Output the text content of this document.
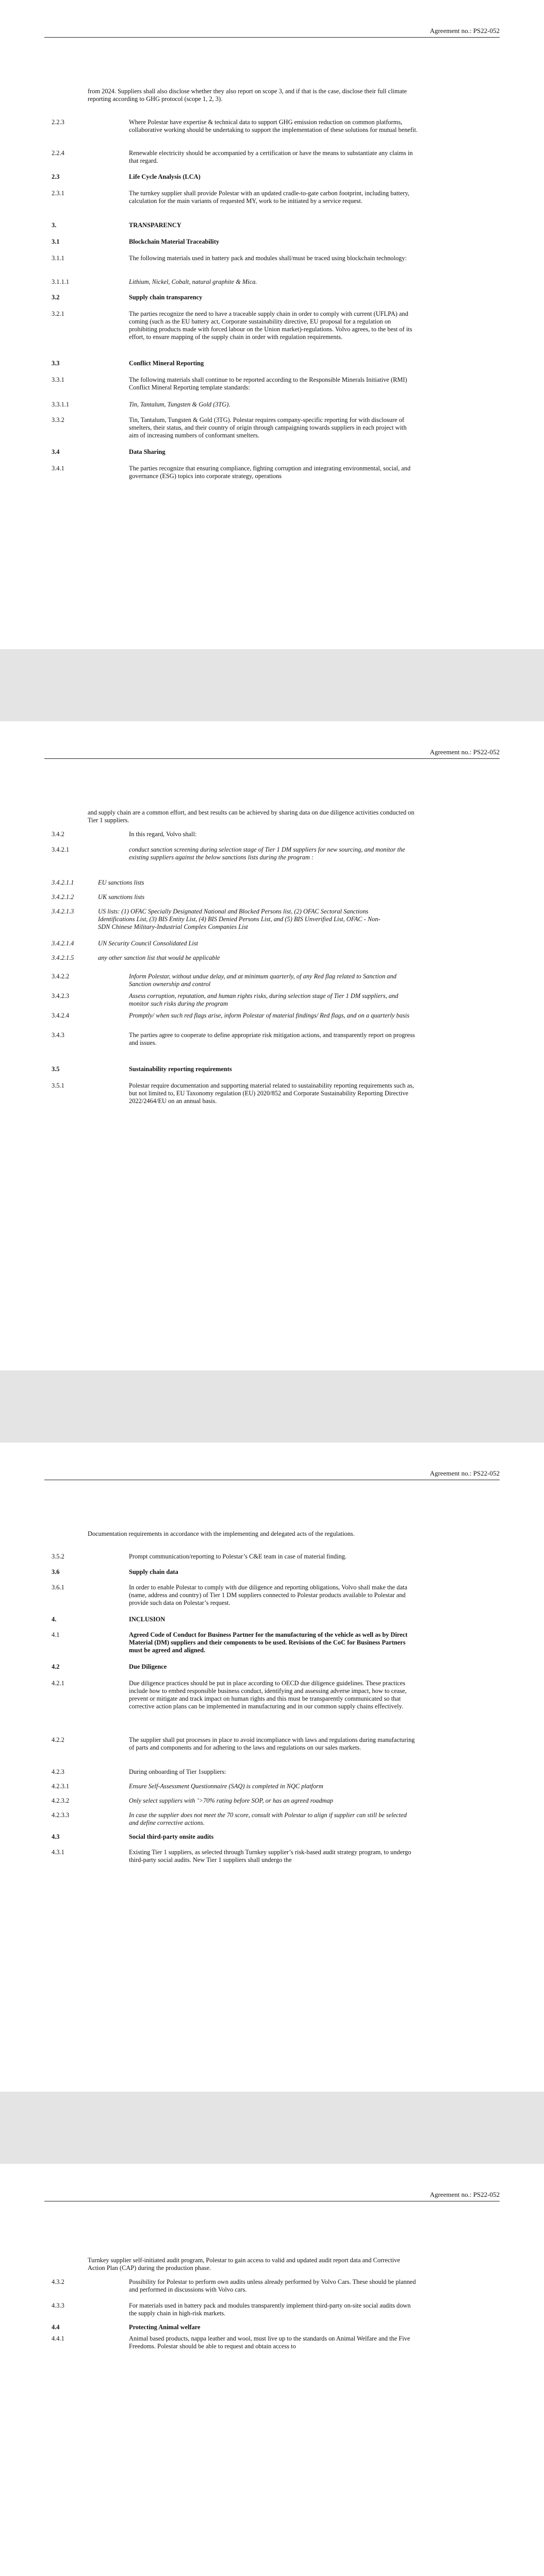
Agreement no.: PS22-052
from 2024. Suppliers shall also disclose whether they also report on scope 3, and if that is the case, disclose their full climate reporting according to GHG protocol (scope 1, 2, 3).
2.2.3	Where Polestar have expertise & technical data to support GHG emission reduction on common platforms, collaborative working should be undertaking to support the implementation of these solutions for mutual benefit.
2.2.4	Renewable electricity should be accompanied by a certification or have the means to substantiate any claims in that regard.
2.3	Life Cycle Analysis (LCA)
2.3.1	The turnkey supplier shall provide Polestar with an updated cradle-to-gate carbon footprint, including battery, calculation for the main variants of requested MY, work to be initiated by a service request.
3.	TRANSPARENCY
3.1	Blockchain Material Traceability
3.1.1	The following materials used in battery pack and modules shall/must be traced using blockchain technology:
3.1.1.1	Lithium, Nickel, Cobalt, natural graphite & Mica.
3.2	Supply chain transparency
3.2.1	The parties recognize the need to have a traceable supply chain in order to comply with current (UFLPA) and coming (such as the EU battery act, Corporate sustainability directive, EU proposal for a regulation on prohibiting products made with forced labour on the Union market)-regulations. Volvo agrees, to the best of its effort, to ensure mapping of the supply chain in order with regulation requirements.
3.3	Conflict Mineral Reporting
3.3.1	The following materials shall continue to be reported according to the Responsible Minerals Initiative (RMI) Conflict Mineral Reporting template standards:
3.3.1.1	Tin, Tantalum, Tungsten & Gold (3TG).
3.3.2	Tin, Tantalum, Tungsten & Gold (3TG). Polestar requires company-specific reporting for with disclosure of smelters, their status, and their country of origin through campaigning towards suppliers in each project with aim of increasing numbers of conformant smelters.
3.4	Data Sharing
3.4.1	The parties recognize that ensuring compliance, fighting corruption and integrating environmental, social, and governance (ESG) topics into corporate strategy, operations
Agreement no.: PS22-052
and supply chain are a common effort, and best results can be achieved by sharing data on due diligence activities conducted on Tier 1 suppliers.
3.4.2	In this regard, Volvo shall:
3.4.2.1	conduct sanction screening during selection stage of Tier 1 DM suppliers for new sourcing, and monitor the existing suppliers against the below sanctions lists during the program :
3.4.2.1.1	EU sanctions lists
3.4.2.1.2	UK sanctions lists
3.4.2.1.3	US lists: (1) OFAC Specially Designated National and Blocked Persons list, (2) OFAC Sectoral Sanctions Identifications List, (3) BIS Entity List, (4) BIS Denied Persons List, and (5) BIS Unverified List, OFAC - Non-SDN Chinese Military-Industrial Complex Companies List
3.4.2.1.4	UN Security Council Consolidated List
3.4.2.1.5	any other sanction list that would be applicable
3.4.2.2	Inform Polestar, without undue delay, and at minimum quarterly, of any Red flag related to Sanction and Sanction ownership and control
3.4.2.3	Assess corruption, reputation, and human rights risks, during selection stage of Tier 1 DM suppliers, and monitor such risks during the program
3.4.2.4	Promptly/ when such red flags arise, inform Polestar of material findings/ Red flags, and on a quarterly basis
3.4.3	The parties agree to cooperate to define appropriate risk mitigation actions, and transparently report on progress and issues.
3.5	Sustainability reporting requirements
3.5.1	Polestar require documentation and supporting material related to sustainability reporting requirements such as, but not limited to, EU Taxonomy regulation (EU) 2020/852 and Corporate Sustainability Reporting Directive 2022/2464/EU on an annual basis.
Agreement no.: PS22-052
Documentation requirements in accordance with the implementing and delegated acts of the regulations.
3.5.2	Prompt communication/reporting to Polestar’s C&E team in case of material finding.
3.6	Supply chain data
3.6.1	In order to enable Polestar to comply with due diligence and reporting obligations, Volvo shall make the data (name, address and country) of Tier 1 DM suppliers connected to Polestar products available to Polestar and provide such data on Polestar’s request.
4.	INCLUSION
4.1	Agreed Code of Conduct for Business Partner for the manufacturing of the vehicle as well as by Direct Material (DM) suppliers and their components to be used. Revisions of the CoC for Business Partners must be agreed and aligned.
4.2	Due Diligence
4.2.1	Due diligence practices should be put in place according to OECD due diligence guidelines. These practices include how to embed responsible business conduct, identifying and assessing adverse impact, how to cease, prevent or mitigate and track impact on human rights and this must be transparently communicated so that corrective action plans can be implemented in manufacturing and in our common supply chains effectively.
4.2.2	The supplier shall put processes in place to avoid incompliance with laws and regulations during manufacturing of parts and components and for adhering to the laws and regulations on our sales markets.
4.2.3	During onboarding of Tier 1suppliers:
4.2.3.1	Ensure Self-Assessment Questionnaire (SAQ) is completed in NQC platform
4.2.3.2	Only select suppliers with ’>70% rating before SOP, or has an agreed roadmap
4.2.3.3	In case the supplier does not meet the 70 score, consult with Polestar to align if supplier can still be selected and define corrective actions.
4.3	Social third-party onsite audits
4.3.1	Existing Tier 1 suppliers, as selected through Turnkey supplier’s risk-based audit strategy program, to undergo third-party social audits. New Tier 1 suppliers shall undergo the
Agreement no.: PS22-052
Turnkey supplier self-initiated audit program, Polestar to gain access to valid and updated audit report data and Corrective Action Plan (CAP) during the production phase.
4.3.2	Possibility for Polestar to perform own audits unless already performed by Volvo Cars. These should be planned and performed in discussions with Volvo cars.
4.3.3	For materials used in battery pack and modules transparently implement third-party on-site social audits down the supply chain in high-risk markets.
4.4	Protecting Animal welfare
4.4.1	Animal based products, nappa leather and wool, must live up to the standards on Animal Welfare and the Five Freedoms. Polestar should be able to request and obtain access to
